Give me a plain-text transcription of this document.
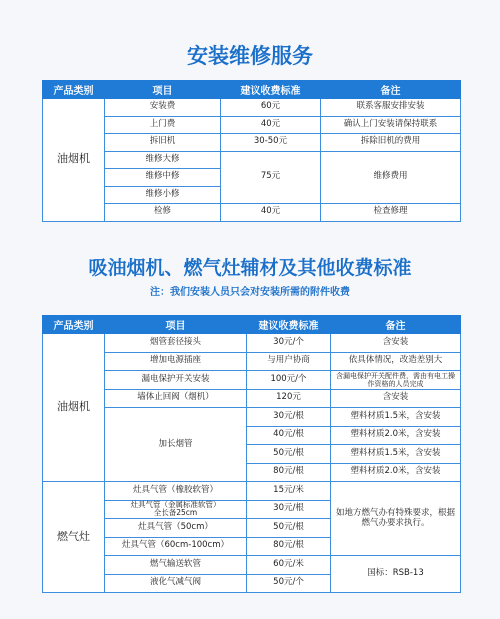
安装维修服务
产品类别	项目	建议收费标准	备注
油烟机	安装费	60元	联系客服安排安装
	上门费	40元	确认上门安装请保持联系
	拆旧机	30-50元	拆除旧机的费用
	维修大修	75元	维修费用
	维修中修		
	维修小修		
	检修	40元	检查修理
吸油烟机、燃气灶辅材及其他收费标准
注：我们安装人员只会对安装所需的附件收费
产品类别	项目	建议收费标准	备注
油烟机	烟管套径接头	30元/个	含安装
	增加电源插座	与用户协商	依具体情况，改造差别大
	漏电保护开关安装	100元/个	含漏电保护开关配件费，需由有电工操作资格的人员完成
	墙体止回阀（烟机）	120元	含安装
	加长烟管	30元/根	塑料材质1.5米，含安装
		40元/根	塑料材质2.0米，含安装
		50元/根	塑料材质1.5米，含安装
		80元/根	塑料材质2.0米，含安装
燃气灶	灶具气管（橡胶软管）	15元/米	如地方燃气办有特殊要求，根据燃气办要求执行。

	灶具气管（金属标准软管）
全长备25cm	30元/根	
	灶具气管（50cm）	50元/根	
	灶具气管（60cm-100cm）	80元/根	
	燃气输送软管	60元/米	国标：RSB-13
	液化气减气阀	50元/个	
